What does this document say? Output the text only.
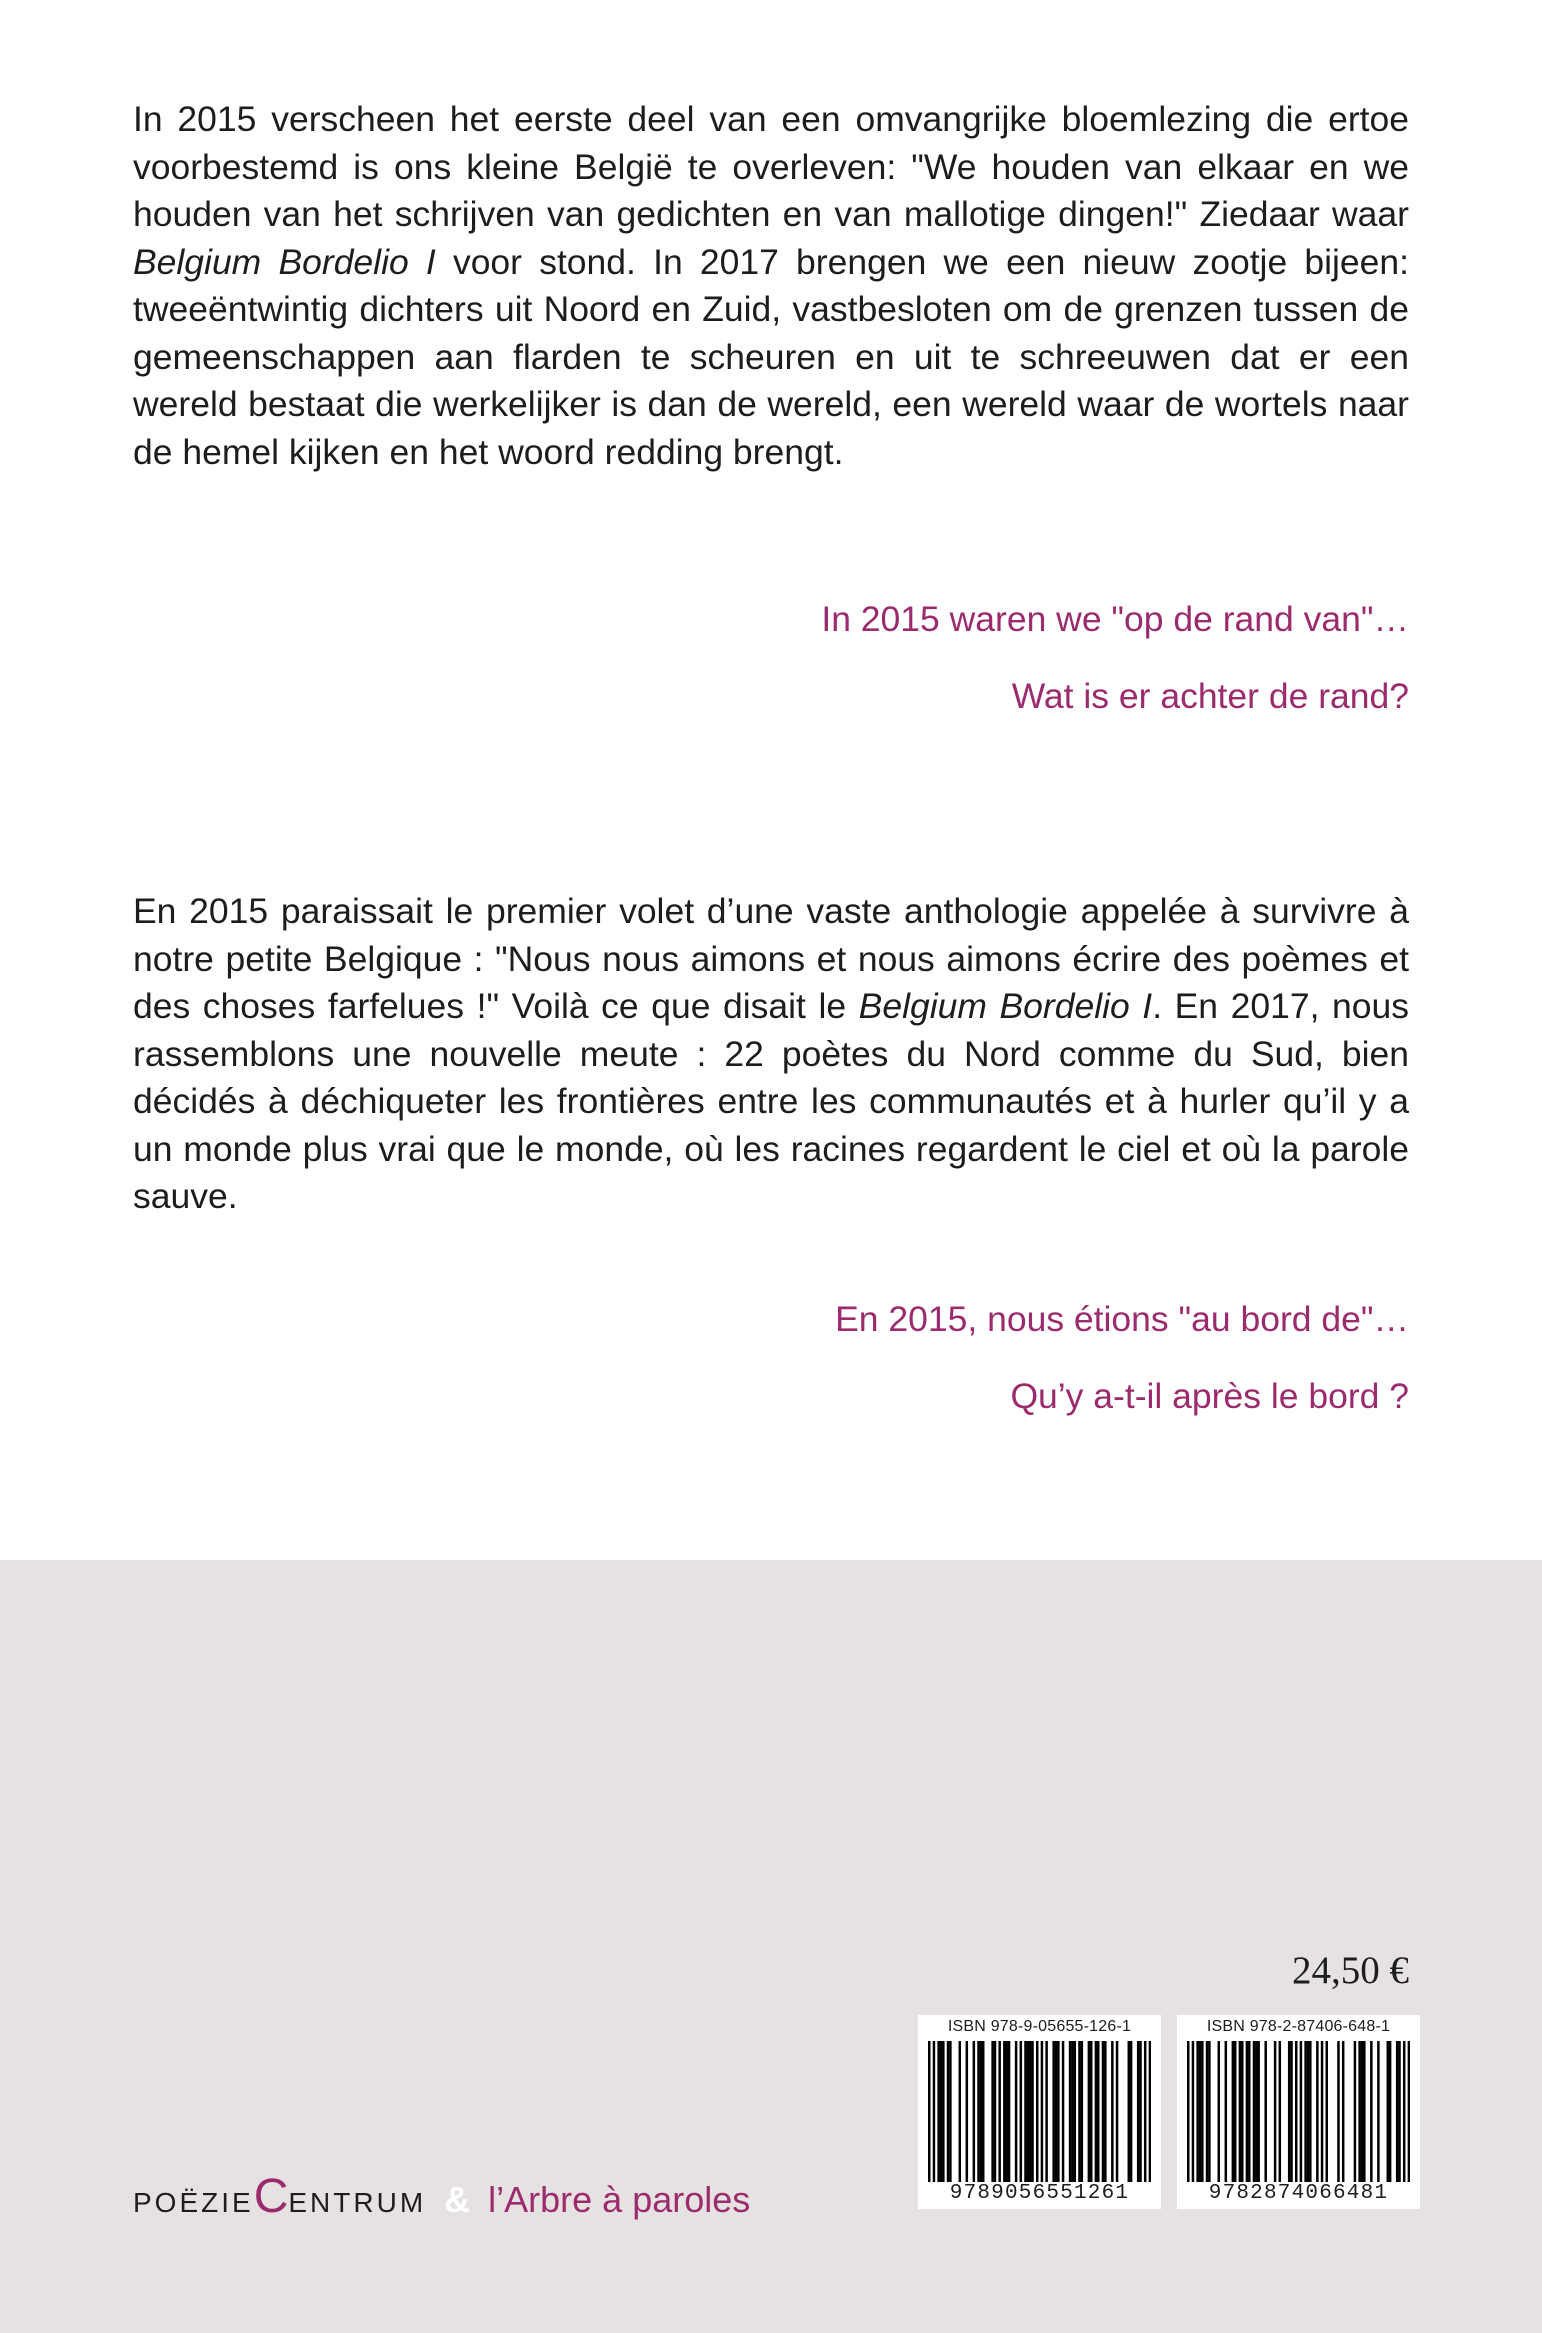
In 2015 verscheen het eerste deel van een omvangrijke bloemlezing die ertoe voorbestemd is ons kleine België te overleven: "We houden van elkaar en we houden van het schrijven van gedichten en van mallotige dingen!" Ziedaar waar Belgium Bordelio I voor stond. In 2017 brengen we een nieuw zootje bijeen: tweeëntwintig dichters uit Noord en Zuid, vastbesloten om de grenzen tussen de gemeenschappen aan flarden te scheuren en uit te schreeuwen dat er een wereld bestaat die werkelijker is dan de wereld, een wereld waar de wortels naar de hemel kijken en het woord redding brengt.

In 2015 waren we "op de rand van"…
Wat is er achter de rand?

En 2015 paraissait le premier volet d’une vaste anthologie appelée à survivre à notre petite Belgique : "Nous nous aimons et nous aimons écrire des poèmes et des choses farfelues !" Voilà ce que disait le Belgium Bordelio I. En 2017, nous rassemblons une nouvelle meute : 22 poètes du Nord comme du Sud, bien décidés à déchiqueter les frontières entre les communautés et à hurler qu’il y a un monde plus vrai que le monde, où les racines regardent le ciel et où la parole sauve.

En 2015, nous étions "au bord de"…
Qu’y a-t-il après le bord ?
24,50 €
ISBN 978-9-05655-126-1
9789056551261
ISBN 978-2-87406-648-1
9782874066481
POËZIECENTRUM & l’Arbre à paroles
